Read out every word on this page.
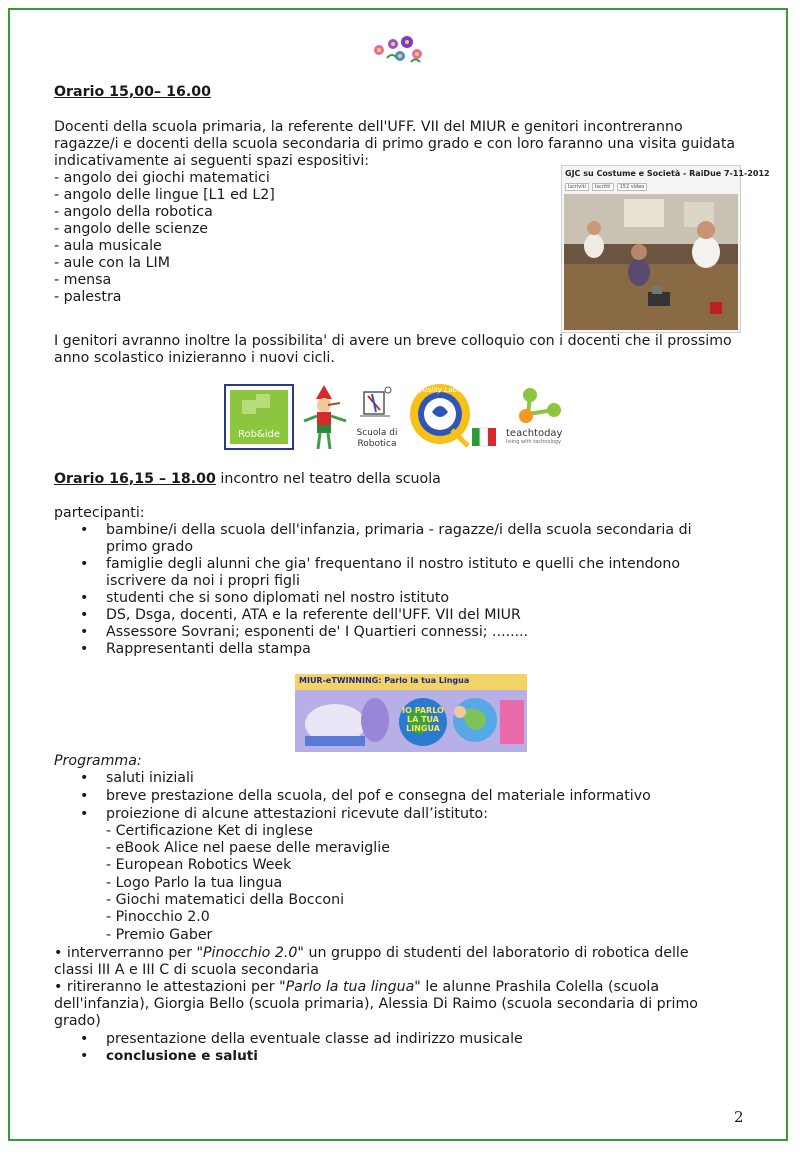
Orario 15,00– 16.00
Docenti della scuola primaria, la referente dell'UFF. VII del MIUR e genitori incontreranno
ragazze/i e docenti della scuola secondaria di primo grado e con loro faranno una visita guidata
indicativamente ai seguenti spazi espositivi:
- angolo dei giochi matematici
- angolo delle lingue [L1 ed L2]
- angolo della robotica
- angolo delle scienze
- aula musicale
- aule con la LIM
- mensa
- palestra
GJC su Costume e Società - RaiDue 7-11-2012
Iscriviti	Iscritti	152 video
I genitori avranno inoltre la possibilita' di avere un breve colloquio con i docenti che il prossimo
anno scolastico inizieranno i nuovi cicli.
Rob&ide	Scuola di
Robotica
Quality Label
teachtoday
living with technology
Orario 16,15 – 18.00 incontro nel teatro della scuola
partecipanti:
• bambine/i della scuola dell'infanzia, primaria - ragazze/i della scuola secondaria di
primo grado
• famiglie degli alunni che gia' frequentano il nostro istituto e quelli che intendono
iscrivere da noi i propri figli
• studenti che si sono diplomati nel nostro istituto
• DS, Dsga, docenti, ATA e la referente dell'UFF. VII del MIUR
• Assessore Sovrani; esponenti de' I Quartieri connessi; ........
• Rappresentanti della stampa
MIUR-eTWINNING: Parlo la tua Lingua
IO PARLO
LA TUA
LINGUA
Programma:
• saluti iniziali
• breve prestazione della scuola, del pof e consegna del materiale informativo
• proiezione di alcune attestazioni ricevute dall’istituto:
- Certificazione Ket di inglese
- eBook Alice nel paese delle meraviglie
- European Robotics Week
- Logo Parlo la tua lingua
- Giochi matematici della Bocconi
- Pinocchio 2.0
- Premio Gaber
• interverranno per "Pinocchio 2.0" un gruppo di studenti del laboratorio di robotica delle
classi III A e III C di scuola secondaria
• ritireranno le attestazioni per "Parlo la tua lingua" le alunne Prashila Colella (scuola
dell'infanzia), Giorgia Bello (scuola primaria), Alessia Di Raimo (scuola secondaria di primo
grado)
• presentazione della eventuale classe ad indirizzo musicale
• conclusione e saluti
2
